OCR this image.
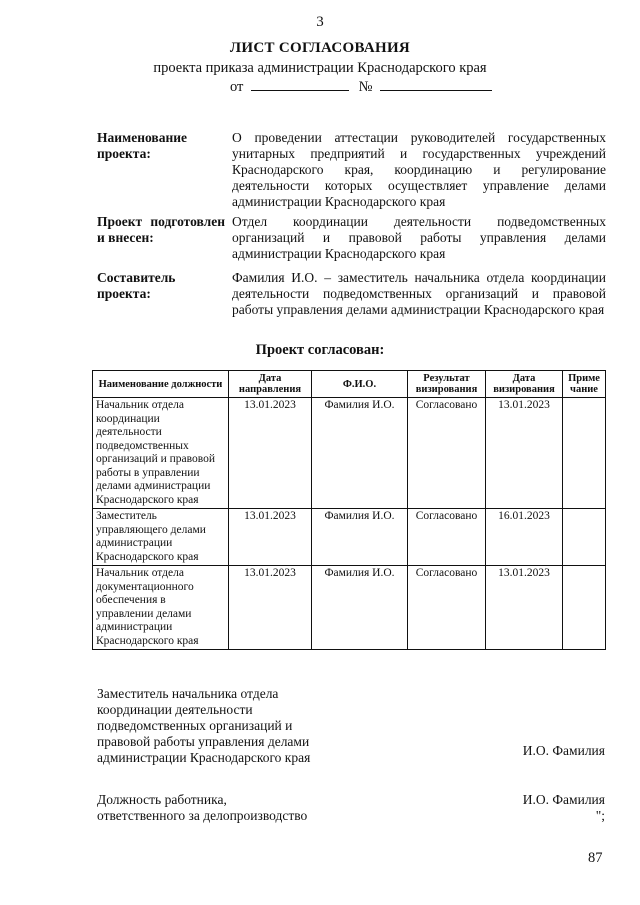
3
ЛИСТ СОГЛАСОВАНИЯ
проекта приказа администрации Краснодарского края
от	№
Наименование проекта:
О проведении аттестации руководителей государственных унитарных предприятий и государственных учреждений Краснодарского края, координацию и регулирование деятельности которых осуществляет управление делами администрации Краснодарского края
Проект подготовлен и внесен:
Отдел координации деятельности подведомственных организаций и правовой работы управления делами администрации Краснодарского края
Составитель проекта:
Фамилия И.О. – заместитель начальника отдела координации деятельности подведомственных организаций и правовой работы управления делами администрации Краснодарского края
Проект согласован:
Наименование должности	Дата направления	Ф.И.О.	Результат визирования	Дата визирования	Приме чание
Начальник отдела координации деятельности подведомственных организаций и правовой работы в управлении делами администрации Краснодарского края	13.01.2023	Фамилия И.О.	Согласовано	13.01.2023	
Заместитель управляющего делами администрации Краснодарского края	13.01.2023	Фамилия И.О.	Согласовано	16.01.2023	
Начальник отдела документационного обеспечения в управлении делами администрации Краснодарского края	13.01.2023	Фамилия И.О.	Согласовано	13.01.2023	
Заместитель начальника отдела координации деятельности подведомственных организаций и правовой работы управления делами администрации Краснодарского края	И.О. Фамилия
Должность работника, ответственного за делопроизводство
И.О. Фамилия
";
87
